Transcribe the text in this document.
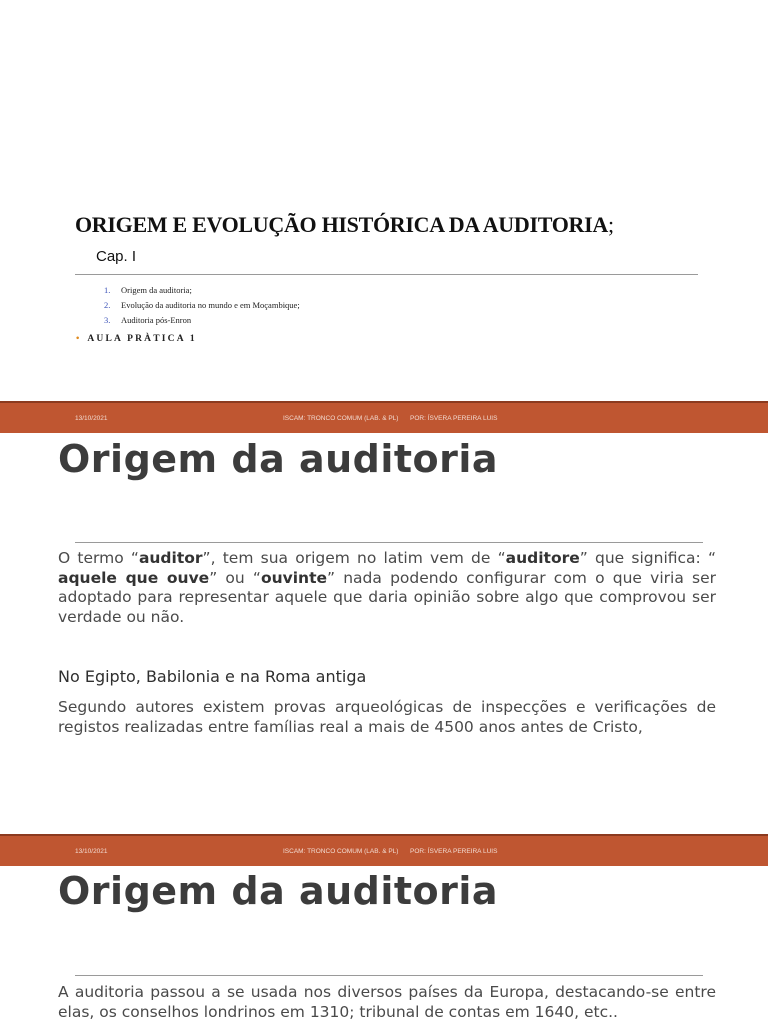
ORIGEM E EVOLUÇÃO HISTÓRICA DA AUDITORIA;
Cap. I
1. Origem da auditoria;
2. Evolução da auditoria no mundo e em Moçambique;
3. Auditoria pós-Enron
• AULA PRÀTICA 1
13/10/2021	ISCAM: TRONCO COMUM (LAB. & PL) POR: ÍSVERA PEREIRA LUIS
Origem da auditoria
O termo “auditor”, tem sua origem no latim vem de “auditore” que significa: “ aquele que ouve” ou “ouvinte” nada podendo configurar com o que viria ser adoptado para representar aquele que daria opinião sobre algo que comprovou ser verdade ou não.
No Egipto, Babilonia e na Roma antiga
Segundo autores existem provas arqueológicas de inspecções e verificações de registos realizadas entre famílias real a mais de 4500 anos antes de Cristo,
13/10/2021	ISCAM: TRONCO COMUM (LAB. & PL) POR: ÍSVERA PEREIRA LUIS
Origem da auditoria
A auditoria passou a se usada nos diversos países da Europa, destacando-se entre elas, os conselhos londrinos em 1310; tribunal de contas em 1640, etc..
